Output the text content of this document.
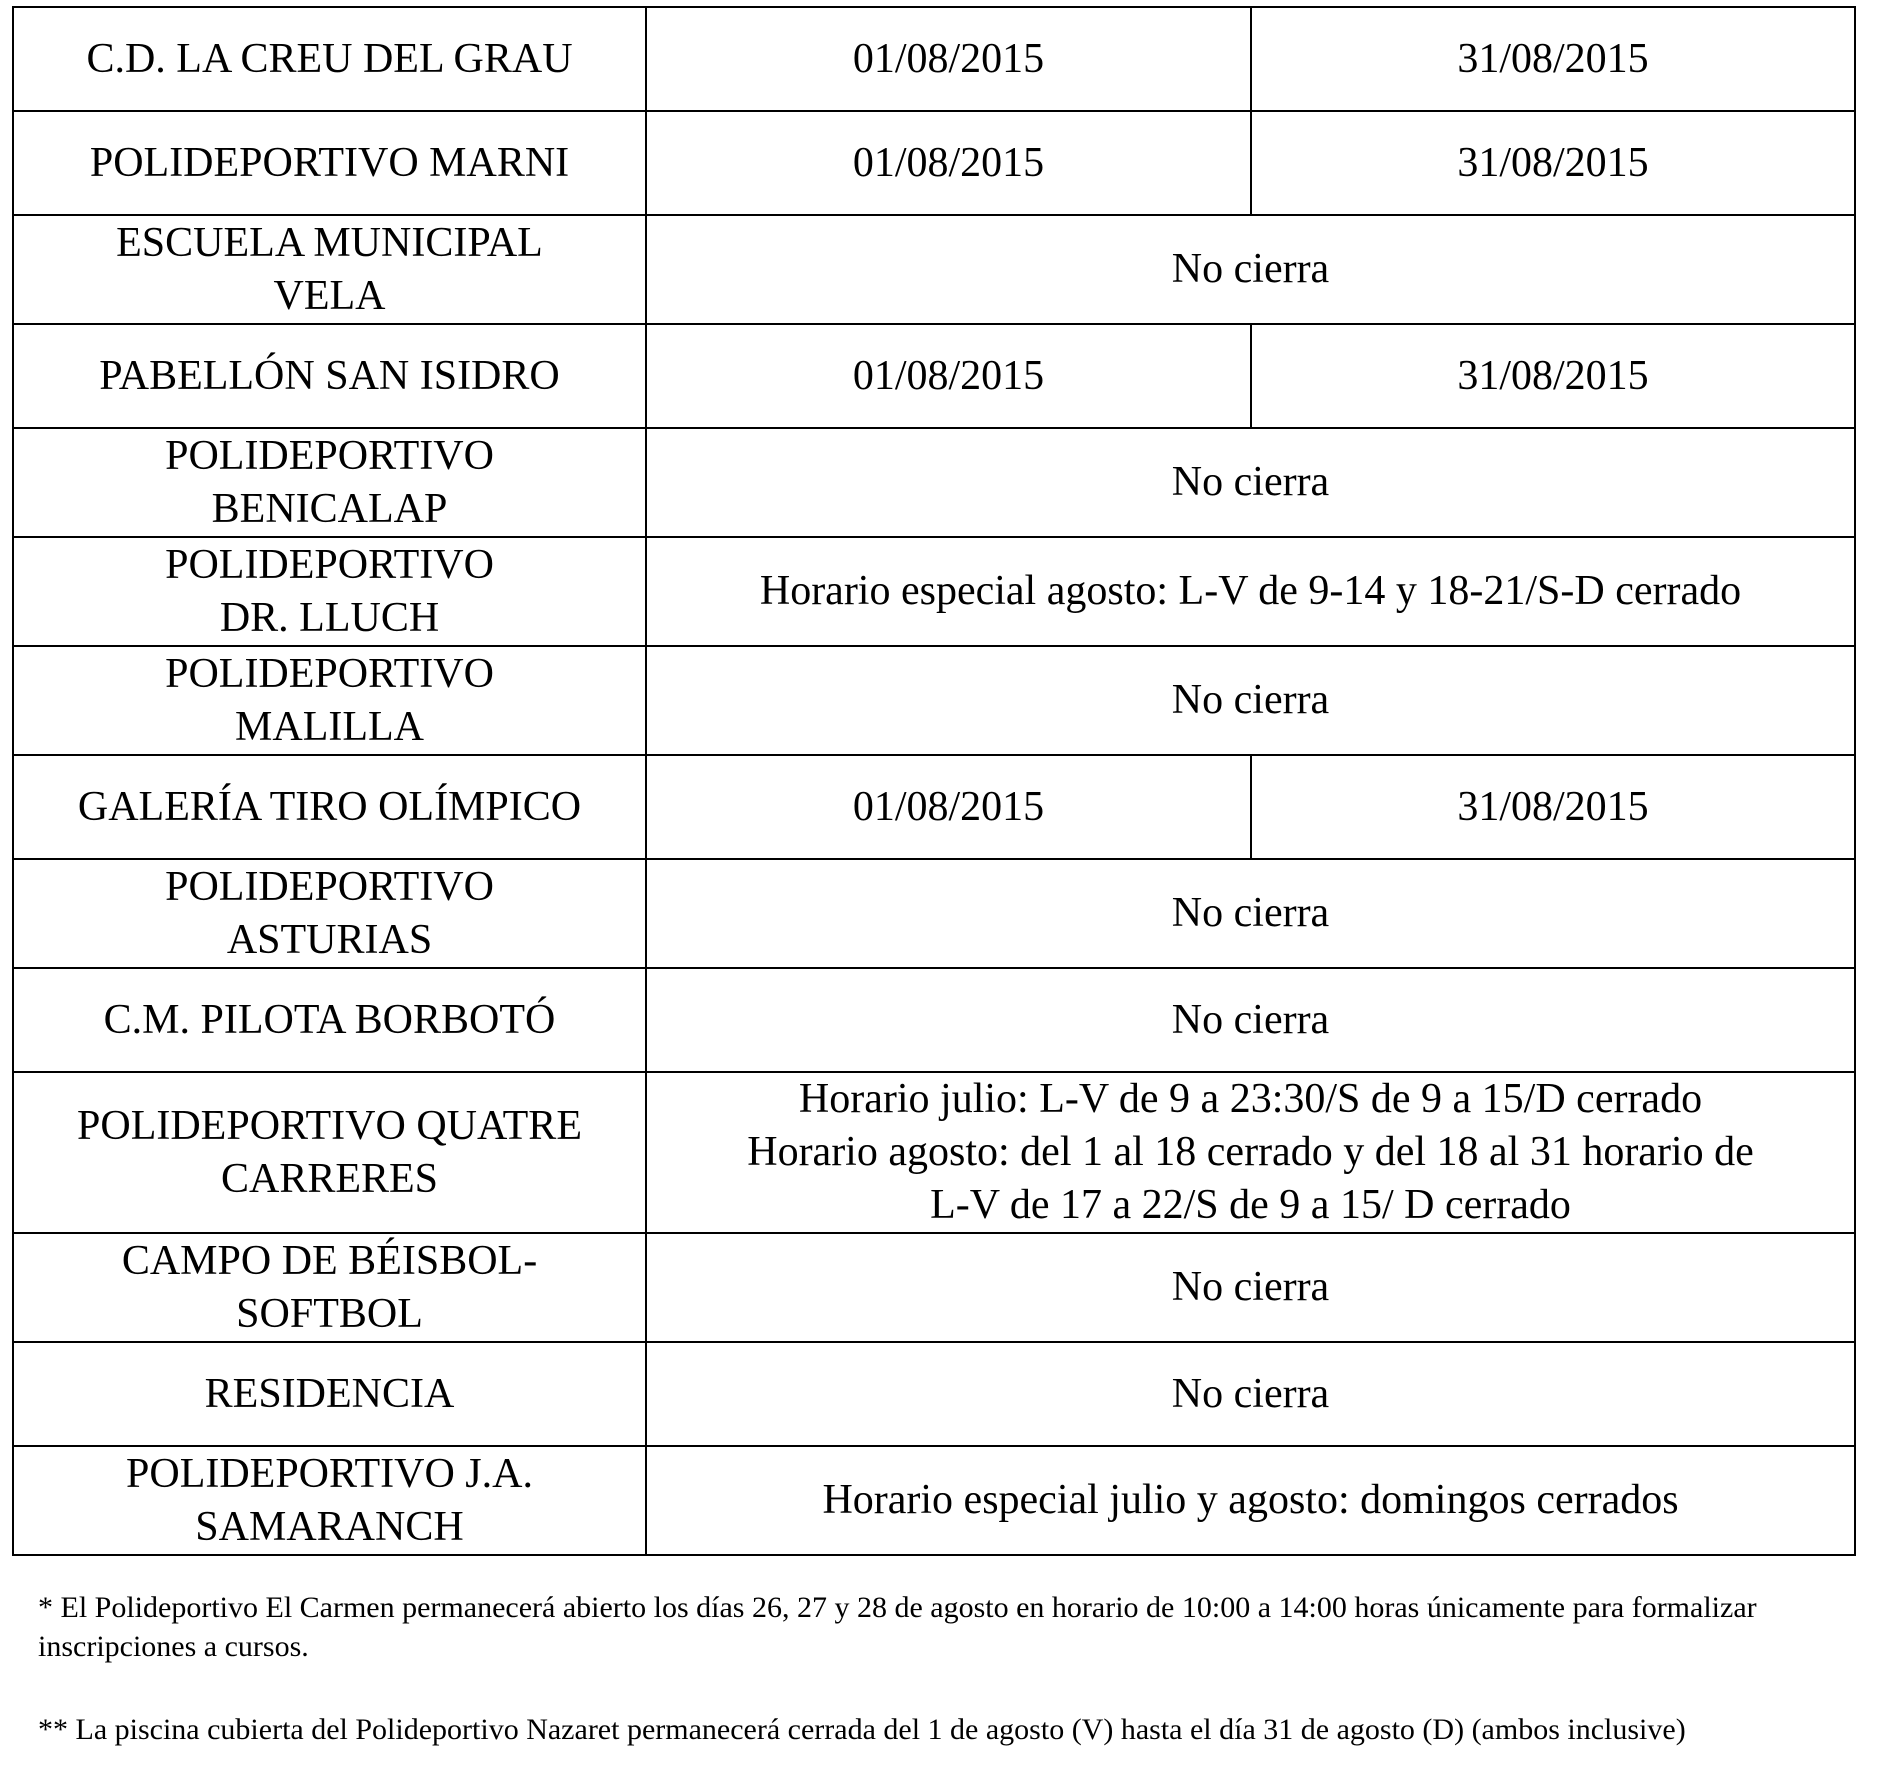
C.D. LA CREU DEL GRAU	01/08/2015	31/08/2015
POLIDEPORTIVO MARNI	01/08/2015	31/08/2015
ESCUELA MUNICIPAL
VELA	No cierra	
PABELLÓN SAN ISIDRO	01/08/2015	31/08/2015
POLIDEPORTIVO
BENICALAP	No cierra	
POLIDEPORTIVO
DR. LLUCH	Horario especial agosto: L-V de 9-14 y 18-21/S-D cerrado	
POLIDEPORTIVO
MALILLA	No cierra	
GALERÍA TIRO OLÍMPICO	01/08/2015	31/08/2015
POLIDEPORTIVO
ASTURIAS	No cierra	
C.M. PILOTA BORBOTÓ	No cierra	
POLIDEPORTIVO QUATRE
CARRERES	Horario julio: L-V de 9 a 23:30/S de 9 a 15/D cerrado
Horario agosto: del 1 al 18 cerrado y del 18 al 31 horario de
L-V de 17 a 22/S de 9 a 15/ D cerrado	
CAMPO DE BÉISBOL-
SOFTBOL	No cierra	
RESIDENCIA	No cierra	
POLIDEPORTIVO J.A.
SAMARANCH	Horario especial julio y agosto: domingos cerrados	

* El Polideportivo El Carmen permanecerá abierto los días 26, 27 y 28 de agosto en horario de 10:00 a 14:00 horas únicamente para formalizar inscripciones a cursos.

** La piscina cubierta del Polideportivo Nazaret permanecerá cerrada del 1 de agosto (V) hasta el día 31 de agosto (D) (ambos inclusive)
